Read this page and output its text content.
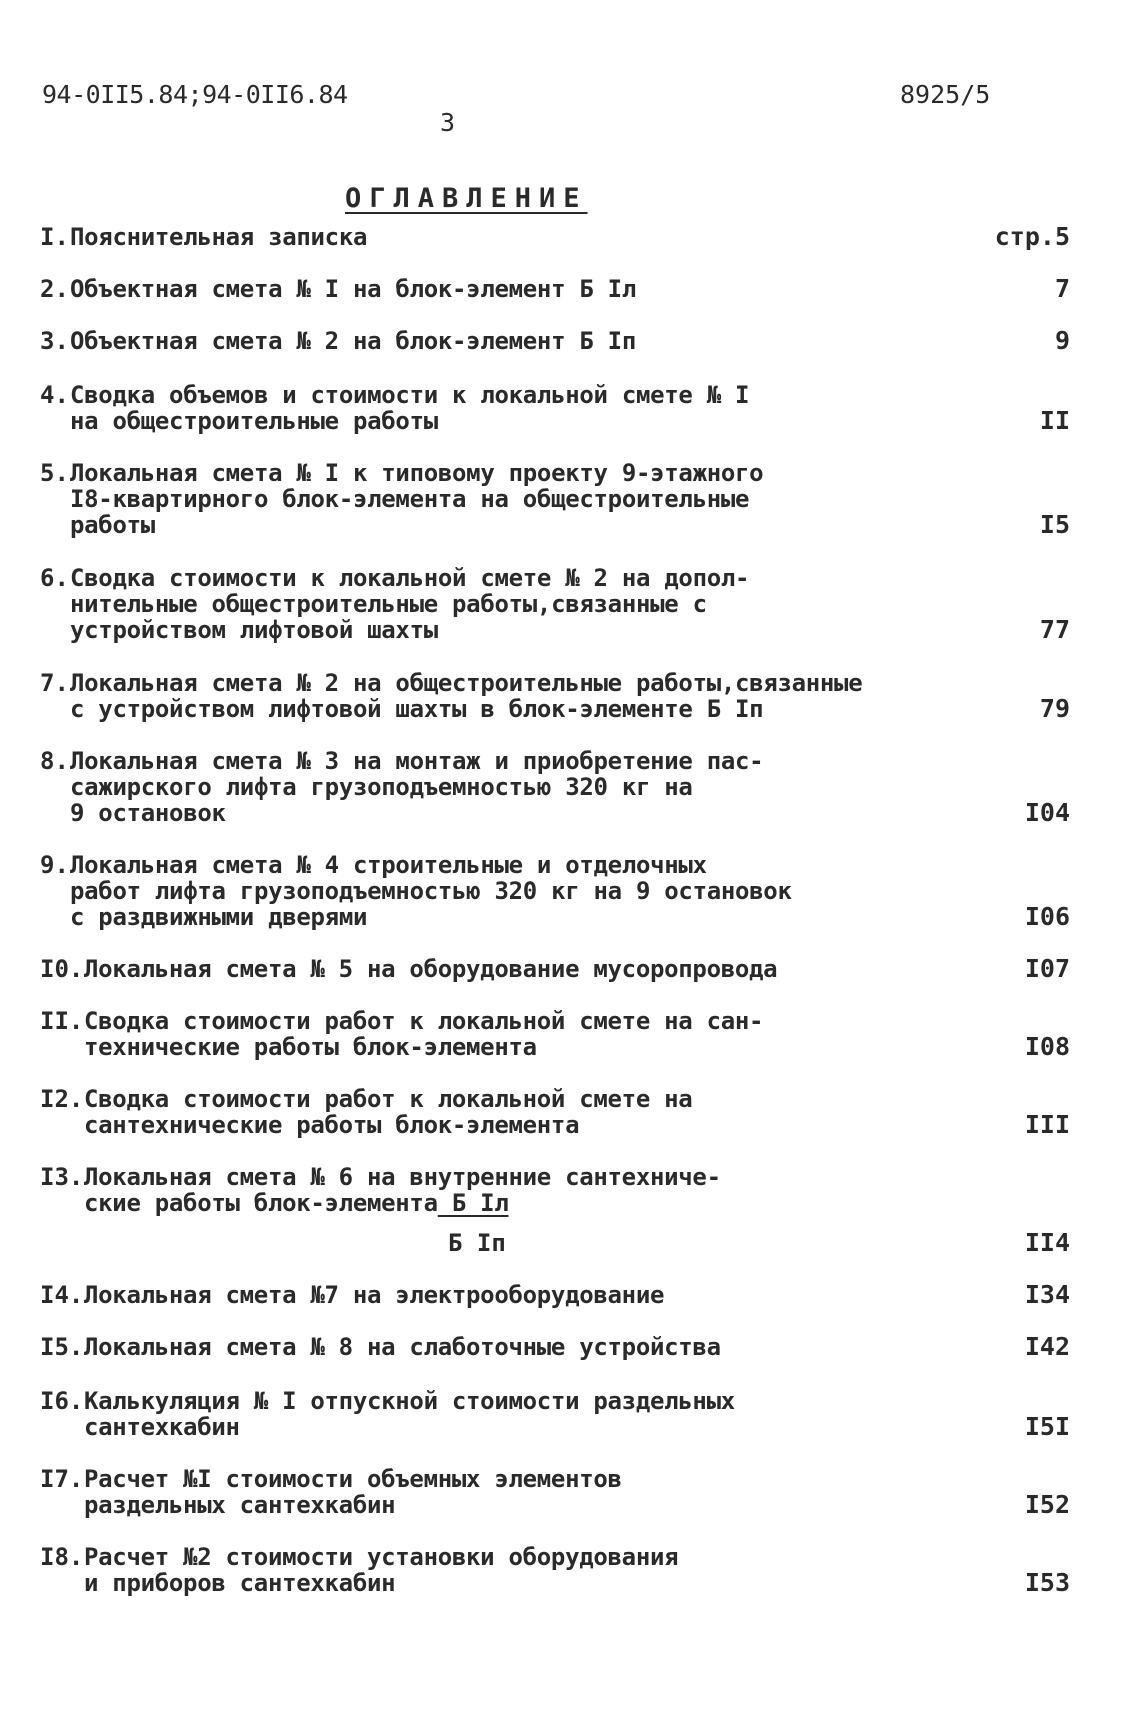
94-0II5.84;94-0II6.84	8925/5
3
ОГЛАВЛЕНИЕ
I. Пояснительная записка	стр.5
2. Объектная смета № I на блок-элемент Б Iл	7
3. Объектная смета № 2 на блок-элемент Б Iп	9
4. Сводка объемов и стоимости к локальной смете № I
на общестроительные работы	II
5. Локальная смета № I к типовому проекту 9-этажного
I8-квартирного блок-элемента на общестроительные
работы	I5
6. Сводка стоимости к локальной смете № 2 на допол-
нительные общестроительные работы,связанные с
устройством лифтовой шахты	77
7. Локальная смета № 2 на общестроительные работы,связанные
с устройством лифтовой шахты в блок-элементе Б Iп	79
8. Локальная смета № 3 на монтаж и приобретение пас-
сажирского лифта грузоподъемностью 320 кг на
9 остановок	I04
9. Локальная смета № 4 строительные и отделочных
работ лифта грузоподъемностью 320 кг на 9 остановок
с раздвижными дверями	I06
I0. Локальная смета № 5 на оборудование мусоропровода	I07
II. Сводка стоимости работ к локальной смете на сан-
технические работы блок-элемента	I08
I2. Сводка стоимости работ к локальной смете на
сантехнические работы блок-элемента	III
I3. Локальная смета № 6 на внутренние сантехниче-
ские работы блок-элемента Б Iл
Б Iп	II4
I4. Локальная смета №7 на электрооборудование	I34
I5. Локальная смета № 8 на слаботочные устройства	I42
I6. Калькуляция № I отпускной стоимости раздельных
сантехкабин	I5I
I7. Расчет №I стоимости объемных элементов
раздельных сантехкабин	I52
I8. Расчет №2 стоимости установки оборудования
и приборов сантехкабин	I53
